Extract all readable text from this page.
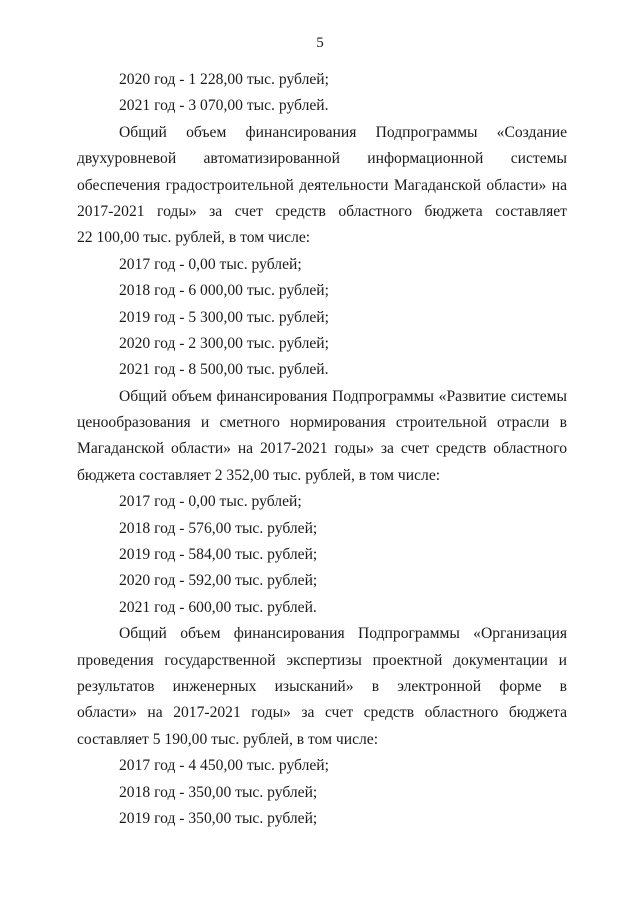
5
2020 год - 1 228,00 тыс. рублей;
2021 год - 3 070,00 тыс. рублей.
Общий объем финансирования Подпрограммы «Создание
двухуровневой автоматизированной информационной системы
обеспечения градостроительной деятельности Магаданской области» на
2017-2021 годы» за счет средств областного бюджета составляет
22 100,00 тыс. рублей, в том числе:
2017 год - 0,00 тыс. рублей;
2018 год - 6 000,00 тыс. рублей;
2019 год - 5 300,00 тыс. рублей;
2020 год - 2 300,00 тыс. рублей;
2021 год - 8 500,00 тыс. рублей.
Общий объем финансирования Подпрограммы «Развитие системы
ценообразования и сметного нормирования строительной отрасли в
Магаданской области» на 2017-2021 годы» за счет средств областного
бюджета составляет 2 352,00 тыс. рублей, в том числе:
2017 год - 0,00 тыс. рублей;
2018 год - 576,00 тыс. рублей;
2019 год - 584,00 тыс. рублей;
2020 год - 592,00 тыс. рублей;
2021 год - 600,00 тыс. рублей.
Общий объем финансирования Подпрограммы «Организация
проведения государственной экспертизы проектной документации и
результатов инженерных изысканий» в электронной форме в
области» на 2017-2021 годы» за счет средств областного бюджета
составляет 5 190,00 тыс. рублей, в том числе:
2017 год - 4 450,00 тыс. рублей;
2018 год - 350,00 тыс. рублей;
2019 год - 350,00 тыс. рублей;
